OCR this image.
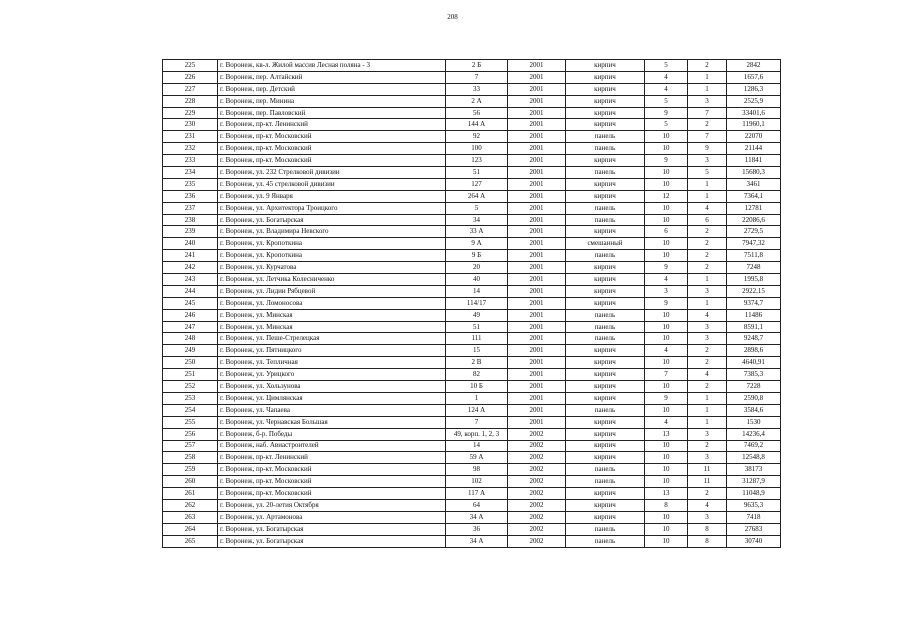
208
225	г. Воронеж, кв-л. Жилой массив Лесная поляна - 3	2 Б	2001	кирпич	5	2	2842
226	г. Воронеж, пер. Алтайский	7	2001	кирпич	4	1	1657,6
227	г. Воронеж, пер. Детский	33	2001	кирпич	4	1	1286,3
228	г. Воронеж, пер. Минина	2 А	2001	кирпич	5	3	2525,9
229	г. Воронеж, пер. Павловский	56	2001	кирпич	9	7	33401,6
230	г. Воронеж, пр-кт. Ленинский	144 А	2001	кирпич	5	2	11960,1
231	г. Воронеж, пр-кт. Московский	92	2001	панель	10	7	22070
232	г. Воронеж, пр-кт. Московский	100	2001	панель	10	9	21144
233	г. Воронеж, пр-кт. Московский	123	2001	кирпич	9	3	11841
234	г. Воронеж, ул. 232 Стрелковой дивизии	51	2001	панель	10	5	15680,3
235	г. Воронеж, ул. 45 стрелковой дивизии	127	2001	кирпич	10	1	3461
236	г. Воронеж, ул. 9 Января	264 А	2001	кирпич	12	1	7364,1
237	г. Воронеж, ул. Архитектора Троицкого	5	2001	панель	10	4	12781
238	г. Воронеж, ул. Богатырская	34	2001	панель	10	6	22086,6
239	г. Воронеж, ул. Владимира Невского	33 А	2001	кирпич	6	2	2729,5
240	г. Воронеж, ул. Кропоткина	9 А	2001	смешанный	10	2	7947,32
241	г. Воронеж, ул. Кропоткина	9 Б	2001	панель	10	2	7511,8
242	г. Воронеж, ул. Курчатова	20	2001	кирпич	9	2	7248
243	г. Воронеж, ул. Летчика Колесниченко	40	2001	кирпич	4	1	1995,8
244	г. Воронеж, ул. Лидии Рябцевой	14	2001	кирпич	3	3	2922,15
245	г. Воронеж, ул. Ломоносова	114/17	2001	кирпич	9	1	9374,7
246	г. Воронеж, ул. Минская	49	2001	панель	10	4	11486
247	г. Воронеж, ул. Минская	51	2001	панель	10	3	8591,1
248	г. Воронеж, ул. Пеше-Стрелецкая	111	2001	панель	10	3	9248,7
249	г. Воронеж, ул. Пятницкого	15	2001	кирпич	4	2	2898,6
250	г. Воронеж, ул. Тепличная	2 В	2001	кирпич	10	2	4640,91
251	г. Воронеж, ул. Урицкого	82	2001	кирпич	7	4	7385,3
252	г. Воронеж, ул. Хользунова	10 Б	2001	кирпич	10	2	7228
253	г. Воронеж, ул. Цимлянская	1	2001	кирпич	9	1	2590,8
254	г. Воронеж, ул. Чапаева	124 А	2001	панель	10	1	3584,6
255	г. Воронеж, ул. Чернавская Большая	7	2001	кирпич	4	1	1530
256	г. Воронеж, б-р. Победы	49, корп. 1, 2, 3	2002	кирпич	13	3	14236,4
257	г. Воронеж, наб. Авиастроителей	14	2002	кирпич	10	2	7469,2
258	г. Воронеж, пр-кт. Ленинский	59 А	2002	кирпич	10	3	12548,8
259	г. Воронеж, пр-кт. Московский	98	2002	панель	10	11	38173
260	г. Воронеж, пр-кт. Московский	102	2002	панель	10	11	31287,9
261	г. Воронеж, пр-кт. Московский	117 А	2002	кирпич	13	2	11048,9
262	г. Воронеж, ул. 20-летия Октября	64	2002	кирпич	8	4	9635,3
263	г. Воронеж, ул. Артамонова	34 А	2002	кирпич	10	3	7418
264	г. Воронеж, ул. Богатырская	36	2002	панель	10	8	27683
265	г. Воронеж, ул. Богатырская	34 А	2002	панель	10	8	30740
